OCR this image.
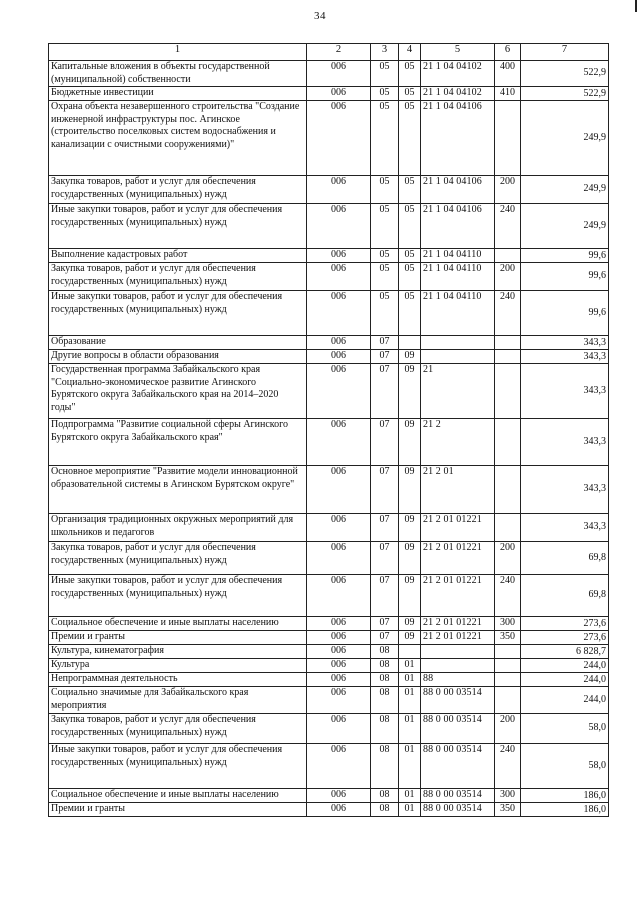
34
1	2	3	4	5	6	7
Капитальные вложения в объекты государственной (муниципальной) собственности	006	05	05	21 1 04 04102	400	522,9
Бюджетные инвестиции	006	05	05	21 1 04 04102	410	522,9
Охрана объекта незавершенного строительства "Создание инженерной инфраструктуры пос. Агинское (строительство поселковых систем водоснабжения и канализации с очистными сооружениями)"	006	05	05	21 1 04 04106		249,9
Закупка товаров, работ и услуг для обеспечения государственных (муниципальных) нужд	006	05	05	21 1 04 04106	200	249,9
Иные закупки товаров, работ и услуг для обеспечения государственных (муниципальных) нужд	006	05	05	21 1 04 04106	240	249,9
Выполнение кадастровых работ	006	05	05	21 1 04 04110		99,6
Закупка товаров, работ и услуг для обеспечения государственных (муниципальных) нужд	006	05	05	21 1 04 04110	200	99,6
Иные закупки товаров, работ и услуг для обеспечения государственных (муниципальных) нужд	006	05	05	21 1 04 04110	240	99,6
Образование	006	07				343,3
Другие вопросы в области образования	006	07	09			343,3
Государственная программа Забайкальского края "Социально-экономическое развитие Агинского Бурятского округа Забайкальского края на 2014–2020 годы"	006	07	09	21		343,3
Подпрограмма "Развитие социальной сферы Агинского Бурятского округа Забайкальского края"	006	07	09	21 2		343,3
Основное мероприятие "Развитие модели инновационной образовательной системы в Агинском Бурятском округе"	006	07	09	21 2 01		343,3
Организация традиционных окружных мероприятий для школьников и педагогов	006	07	09	21 2 01 01221		343,3
Закупка товаров, работ и услуг для обеспечения государственных (муниципальных) нужд	006	07	09	21 2 01 01221	200	69,8
Иные закупки товаров, работ и услуг для обеспечения государственных (муниципальных) нужд	006	07	09	21 2 01 01221	240	69,8
Социальное обеспечение и иные выплаты населению	006	07	09	21 2 01 01221	300	273,6
Премии и гранты	006	07	09	21 2 01 01221	350	273,6
Культура, кинематография	006	08				6 828,7
Культура	006	08	01			244,0
Непрограммная деятельность	006	08	01	88		244,0
Социально значимые для Забайкальского края мероприятия	006	08	01	88 0 00 03514		244,0
Закупка товаров, работ и услуг для обеспечения государственных (муниципальных) нужд	006	08	01	88 0 00 03514	200	58,0
Иные закупки товаров, работ и услуг для обеспечения государственных (муниципальных) нужд	006	08	01	88 0 00 03514	240	58,0
Социальное обеспечение и иные выплаты населению	006	08	01	88 0 00 03514	300	186,0
Премии и гранты	006	08	01	88 0 00 03514	350	186,0
